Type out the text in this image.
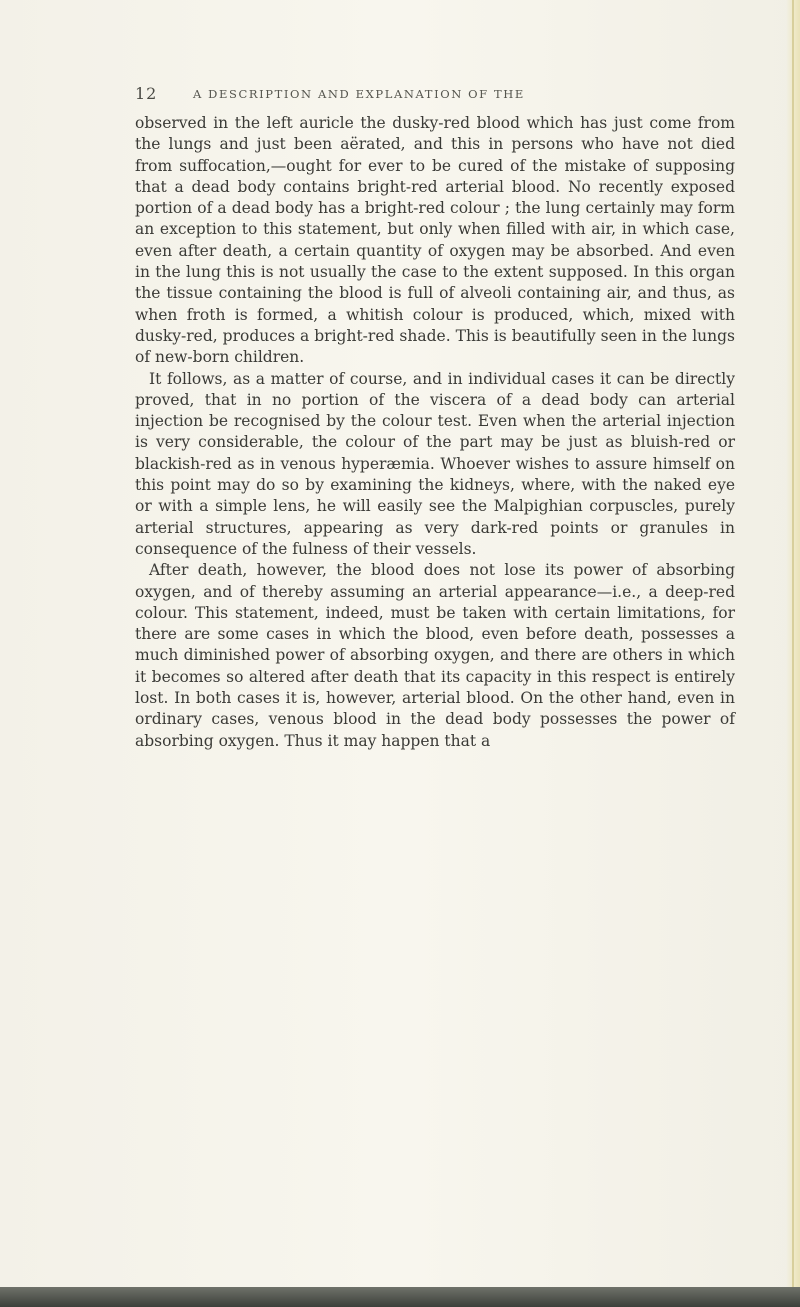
12	A DESCRIPTION AND EXPLANATION OF THE

observed in the left auricle the dusky-red blood which has just come from the lungs and just been aërated, and this in persons who have not died from suffocation,—ought for ever to be cured of the mistake of supposing that a dead body contains bright-red arterial blood. No recently exposed portion of a dead body has a bright-red colour ; the lung certainly may form an exception to this statement, but only when filled with air, in which case, even after death, a certain quantity of oxygen may be absorbed. And even in the lung this is not usually the case to the extent supposed. In this organ the tissue containing the blood is full of alveoli containing air, and thus, as when froth is formed, a whitish colour is produced, which, mixed with dusky-red, produces a bright-red shade. This is beautifully seen in the lungs of new-born children.

It follows, as a matter of course, and in individual cases it can be directly proved, that in no portion of the viscera of a dead body can arterial injection be recognised by the colour test. Even when the arterial injection is very considerable, the colour of the part may be just as bluish-red or blackish-red as in venous hyperæmia. Whoever wishes to assure himself on this point may do so by examining the kidneys, where, with the naked eye or with a simple lens, he will easily see the Malpighian corpuscles, purely arterial structures, appearing as very dark-red points or granules in consequence of the fulness of their vessels.

After death, however, the blood does not lose its power of absorbing oxygen, and of thereby assuming an arterial appearance—i.e., a deep-red colour. This statement, indeed, must be taken with certain limitations, for there are some cases in which the blood, even before death, possesses a much diminished power of absorbing oxygen, and there are others in which it becomes so altered after death that its capacity in this respect is entirely lost. In both cases it is, however, arterial blood. On the other hand, even in ordinary cases, venous blood in the dead body possesses the power of absorbing oxygen. Thus it may happen that a
